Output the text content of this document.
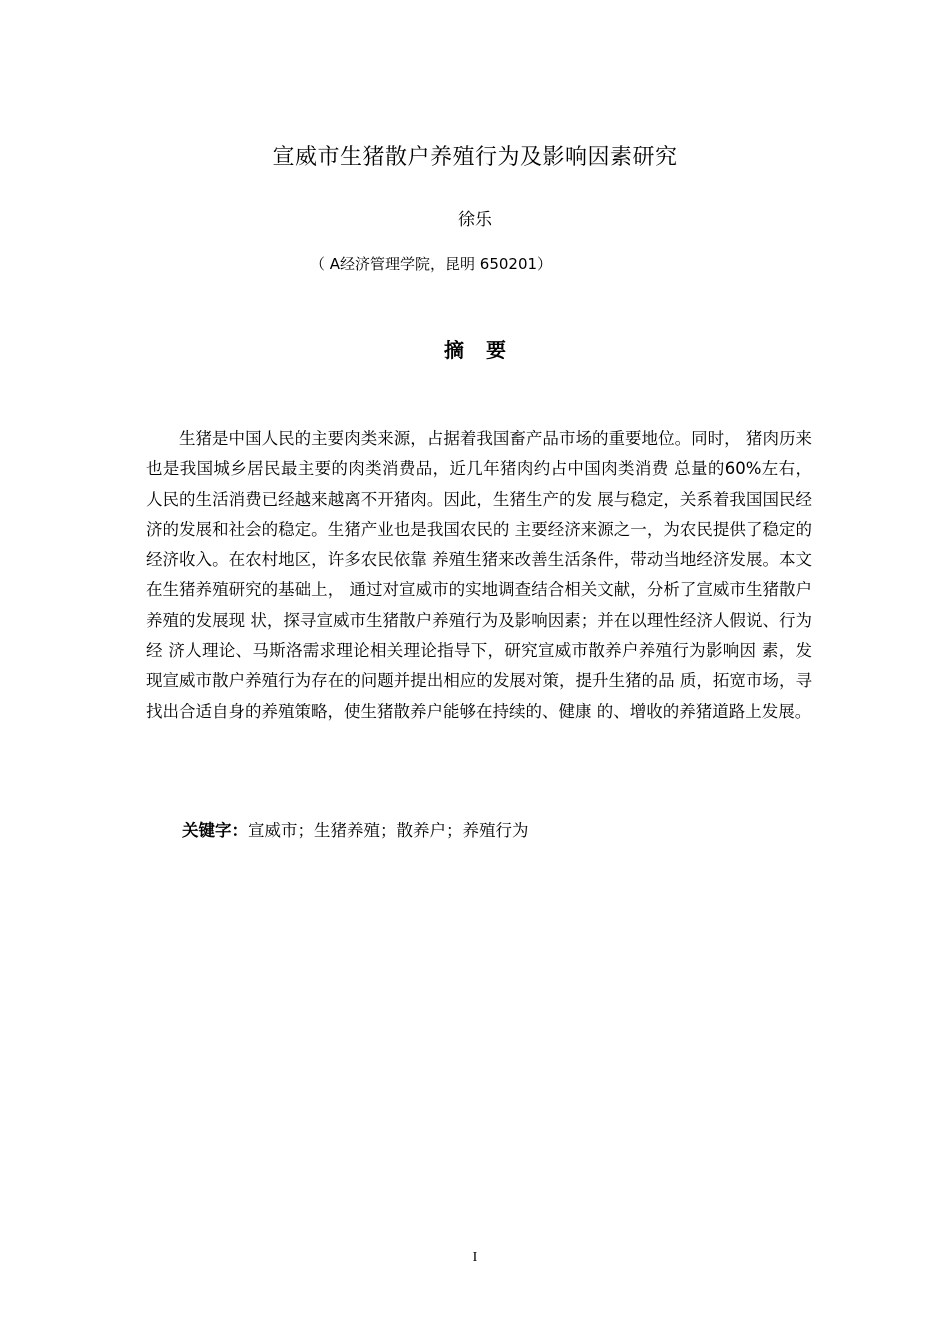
宣威市生猪散户养殖行为及影响因素研究
徐乐
（ A经济管理学院，昆明 650201）
摘要

生猪是中国人民的主要肉类来源，占据着我国畜产品市场的重要地位。同时， 猪肉历来也是我国城乡居民最主要的肉类消费品，近几年猪肉约占中国肉类消费 总量的60%左右，人民的生活消费已经越来越离不开猪肉。因此，生猪生产的发 展与稳定，关系着我国国民经济的发展和社会的稳定。生猪产业也是我国农民的 主要经济来源之一，为农民提供了稳定的经济收入。在农村地区，许多农民依靠 养殖生猪来改善生活条件，带动当地经济发展。本文在生猪养殖研究的基础上， 通过对宣威市的实地调查结合相关文献，分析了宣威市生猪散户养殖的发展现 状，探寻宣威市生猪散户养殖行为及影响因素；并在以理性经济人假说、行为经 济人理论、马斯洛需求理论相关理论指导下，研究宣威市散养户养殖行为影响因 素，发现宣威市散户养殖行为存在的问题并提出相应的发展对策，提升生猪的品 质，拓宽市场，寻找出合适自身的养殖策略，使生猪散养户能够在持续的、健康 的、增收的养猪道路上发展。

关键字：宣威市；生猪养殖；散养户；养殖行为
I
